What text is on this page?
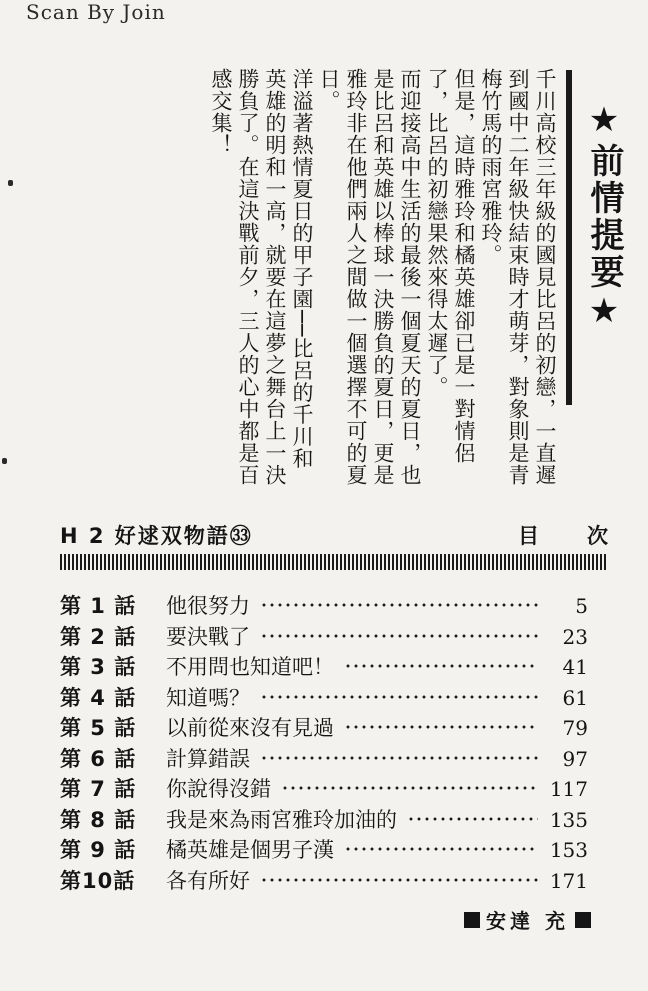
Scan By Join
★前情提要★

千川高校三年級的國見比呂的初戀，一直遲到國中二年級快結束時才萌芽，對象則是青梅竹馬的雨宮雅玲。

但是，這時雅玲和橘英雄卻已是一對情侶了，比呂的初戀果然來得太遲了。

而迎接高中生活的最後一個夏天的夏日，也是比呂和英雄以棒球一決勝負的夏日，更是雅玲非在他們兩人之間做一個選擇不可的夏日。

洋溢著熱情夏日的甲子園──比呂的千川和英雄的明和一高，就要在這夢之舞台上一決勝負了。在這決戰前夕，三人的心中都是百感交集！

H 2 好逑双物語㉝	目 次
第 1 話	他很努力	5
第 2 話	要決戰了	23
第 3 話	不用問也知道吧！	41
第 4 話	知道嗎？	61
第 5 話	以前從來沒有見過	79
第 6 話	計算錯誤	97
第 7 話	你說得沒錯	117
第 8 話	我是來為雨宮雅玲加油的	135
第 9 話	橘英雄是個男子漢	153
第10話	各有所好	171
安達 充
